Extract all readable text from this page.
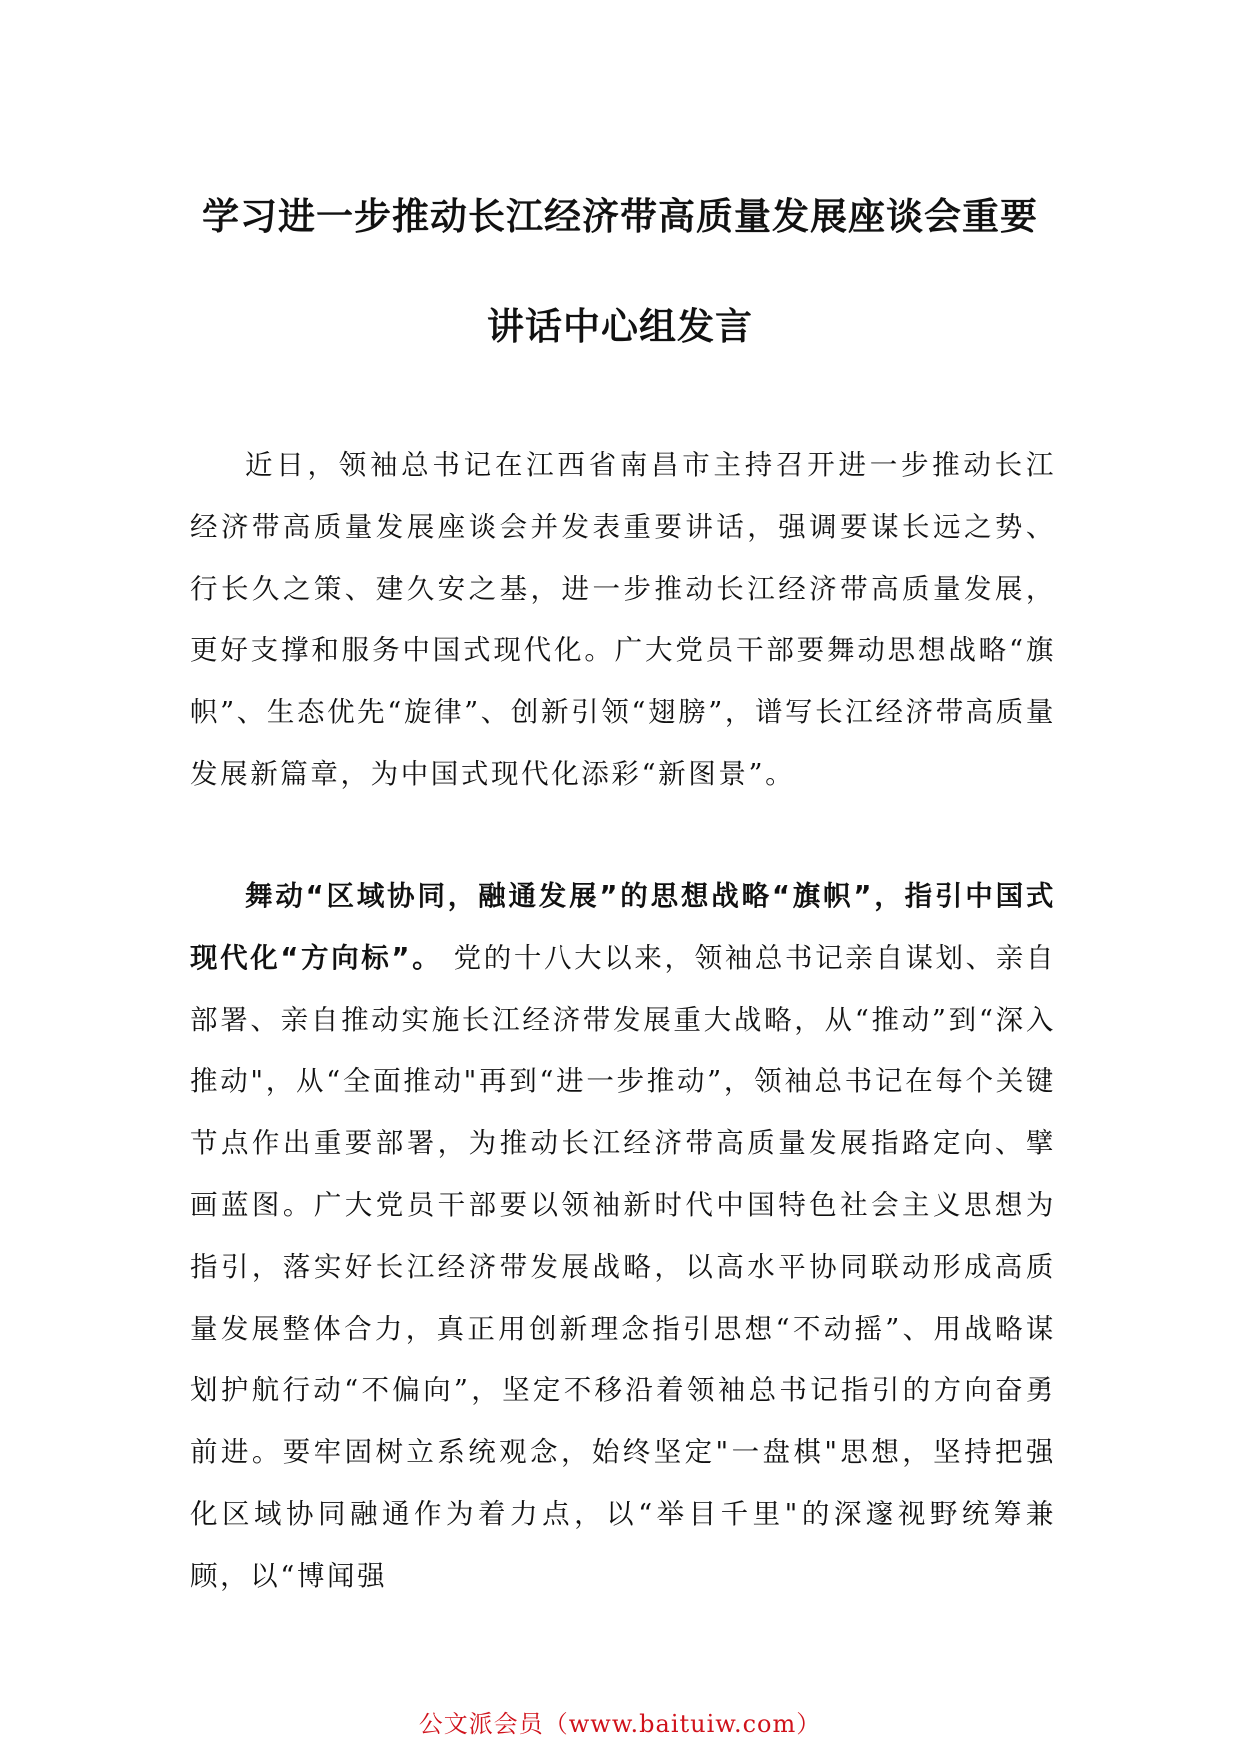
学习进一步推动长江经济带高质量发展座谈会重要
讲话中心组发言

近日，领袖总书记在江西省南昌市主持召开进一步推动长江经济带高质量发展座谈会并发表重要讲话，强调要谋长远之势、行长久之策、建久安之基，进一步推动长江经济带高质量发展，更好支撑和服务中国式现代化。广大党员干部要舞动思想战略“旗帜”、生态优先“旋律”、创新引领“翅膀”，谱写长江经济带高质量发展新篇章，为中国式现代化添彩“新图景”。

舞动“区域协同，融通发展”的思想战略“旗帜”，指引中国式现代化“方向标”。 党的十八大以来，领袖总书记亲自谋划、亲自部署、亲自推动实施长江经济带发展重大战略，从“推动”到“深入推动"，从“全面推动"再到“进一步推动”，领袖总书记在每个关键节点作出重要部署，为推动长江经济带高质量发展指路定向、擘画蓝图。广大党员干部要以领袖新时代中国特色社会主义思想为指引，落实好长江经济带发展战略，以高水平协同联动形成高质量发展整体合力，真正用创新理念指引思想“不动摇”、用战略谋划护航行动“不偏向”，坚定不移沿着领袖总书记指引的方向奋勇前进。要牢固树立系统观念，始终坚定"一盘棋"思想，坚持把强化区域协同融通作为着力点，以“举目千里"的深邃视野统筹兼顾，以“博闻强

公文派会员（www.baituiw.com）
